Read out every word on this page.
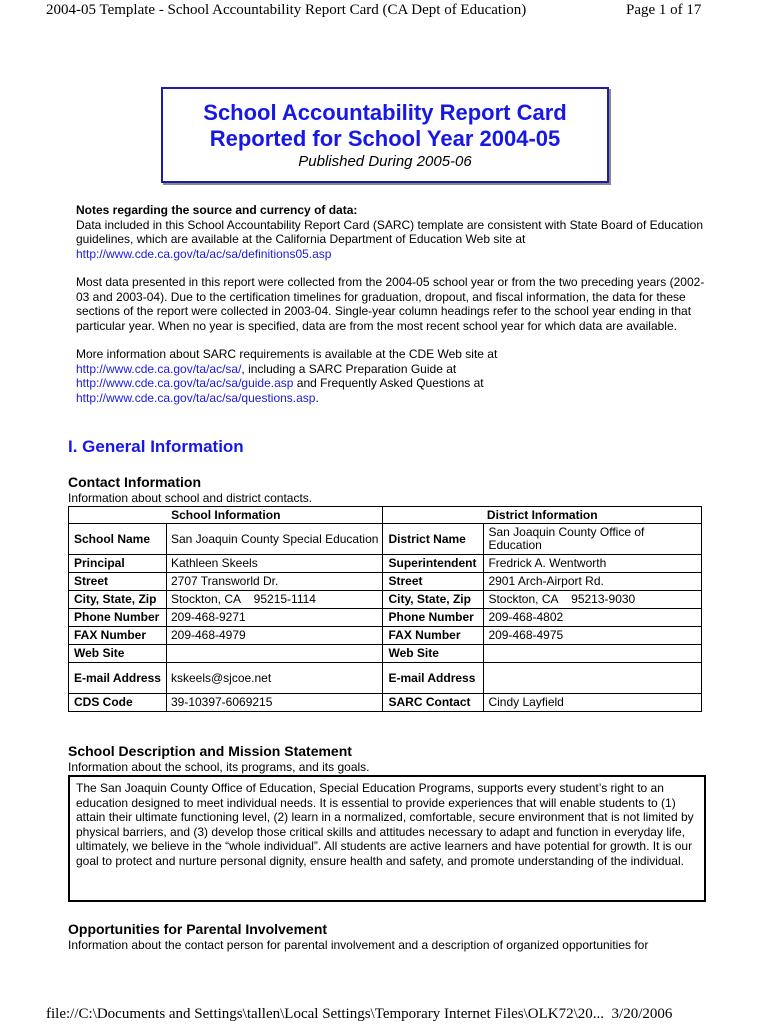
2004-05 Template - School Accountability Report Card (CA Dept of Education)	Page 1 of 17
School Accountability Report Card
Reported for School Year 2004-05
Published During 2005-06

Notes regarding the source and currency of data:
Data included in this School Accountability Report Card (SARC) template are consistent with State Board of Education guidelines, which are available at the California Department of Education Web site at
http://www.cde.ca.gov/ta/ac/sa/definitions05.asp

Most data presented in this report were collected from the 2004-05 school year or from the two preceding years (2002-03 and 2003-04). Due to the certification timelines for graduation, dropout, and fiscal information, the data for these sections of the report were collected in 2003-04. Single-year column headings refer to the school year ending in that particular year. When no year is specified, data are from the most recent school year for which data are available.

More information about SARC requirements is available at the CDE Web site at
http://www.cde.ca.gov/ta/ac/sa/, including a SARC Preparation Guide at
http://www.cde.ca.gov/ta/ac/sa/guide.asp and Frequently Asked Questions at
http://www.cde.ca.gov/ta/ac/sa/questions.asp.

I. General Information
Contact Information
Information about school and district contacts.
School Information		District Information	
School Name	San Joaquin County Special Education	District Name	San Joaquin County Office of Education
Principal	Kathleen Skeels	Superintendent	Fredrick A. Wentworth
Street	2707 Transworld Dr.	Street	2901 Arch-Airport Rd.
City, State, Zip	Stockton, CA    95215-1114	City, State, Zip	Stockton, CA    95213-9030
Phone Number	209-468-9271	Phone Number	209-468-4802
FAX Number	209-468-4979	FAX Number	209-468-4975
Web Site		Web Site	
E-mail Address	kskeels@sjcoe.net	E-mail Address	
CDS Code	39-10397-6069215	SARC Contact	Cindy Layfield
School Description and Mission Statement
Information about the school, its programs, and its goals.
The San Joaquin County Office of Education, Special Education Programs, supports every student’s right to an education designed to meet individual needs. It is essential to provide experiences that will enable students to (1) attain their ultimate functioning level, (2) learn in a normalized, comfortable, secure environment that is not limited by physical barriers, and (3) develop those critical skills and attitudes necessary to adapt and function in everyday life, ultimately, we believe in the “whole individual”. All students are active learners and have potential for growth. It is our goal to protect and nurture personal dignity, ensure health and safety, and promote understanding of the individual.
Opportunities for Parental Involvement
Information about the contact person for parental involvement and a description of organized opportunities for
file://C:\Documents and Settings\tallen\Local Settings\Temporary Internet Files\OLK72\20... 3/20/2006
